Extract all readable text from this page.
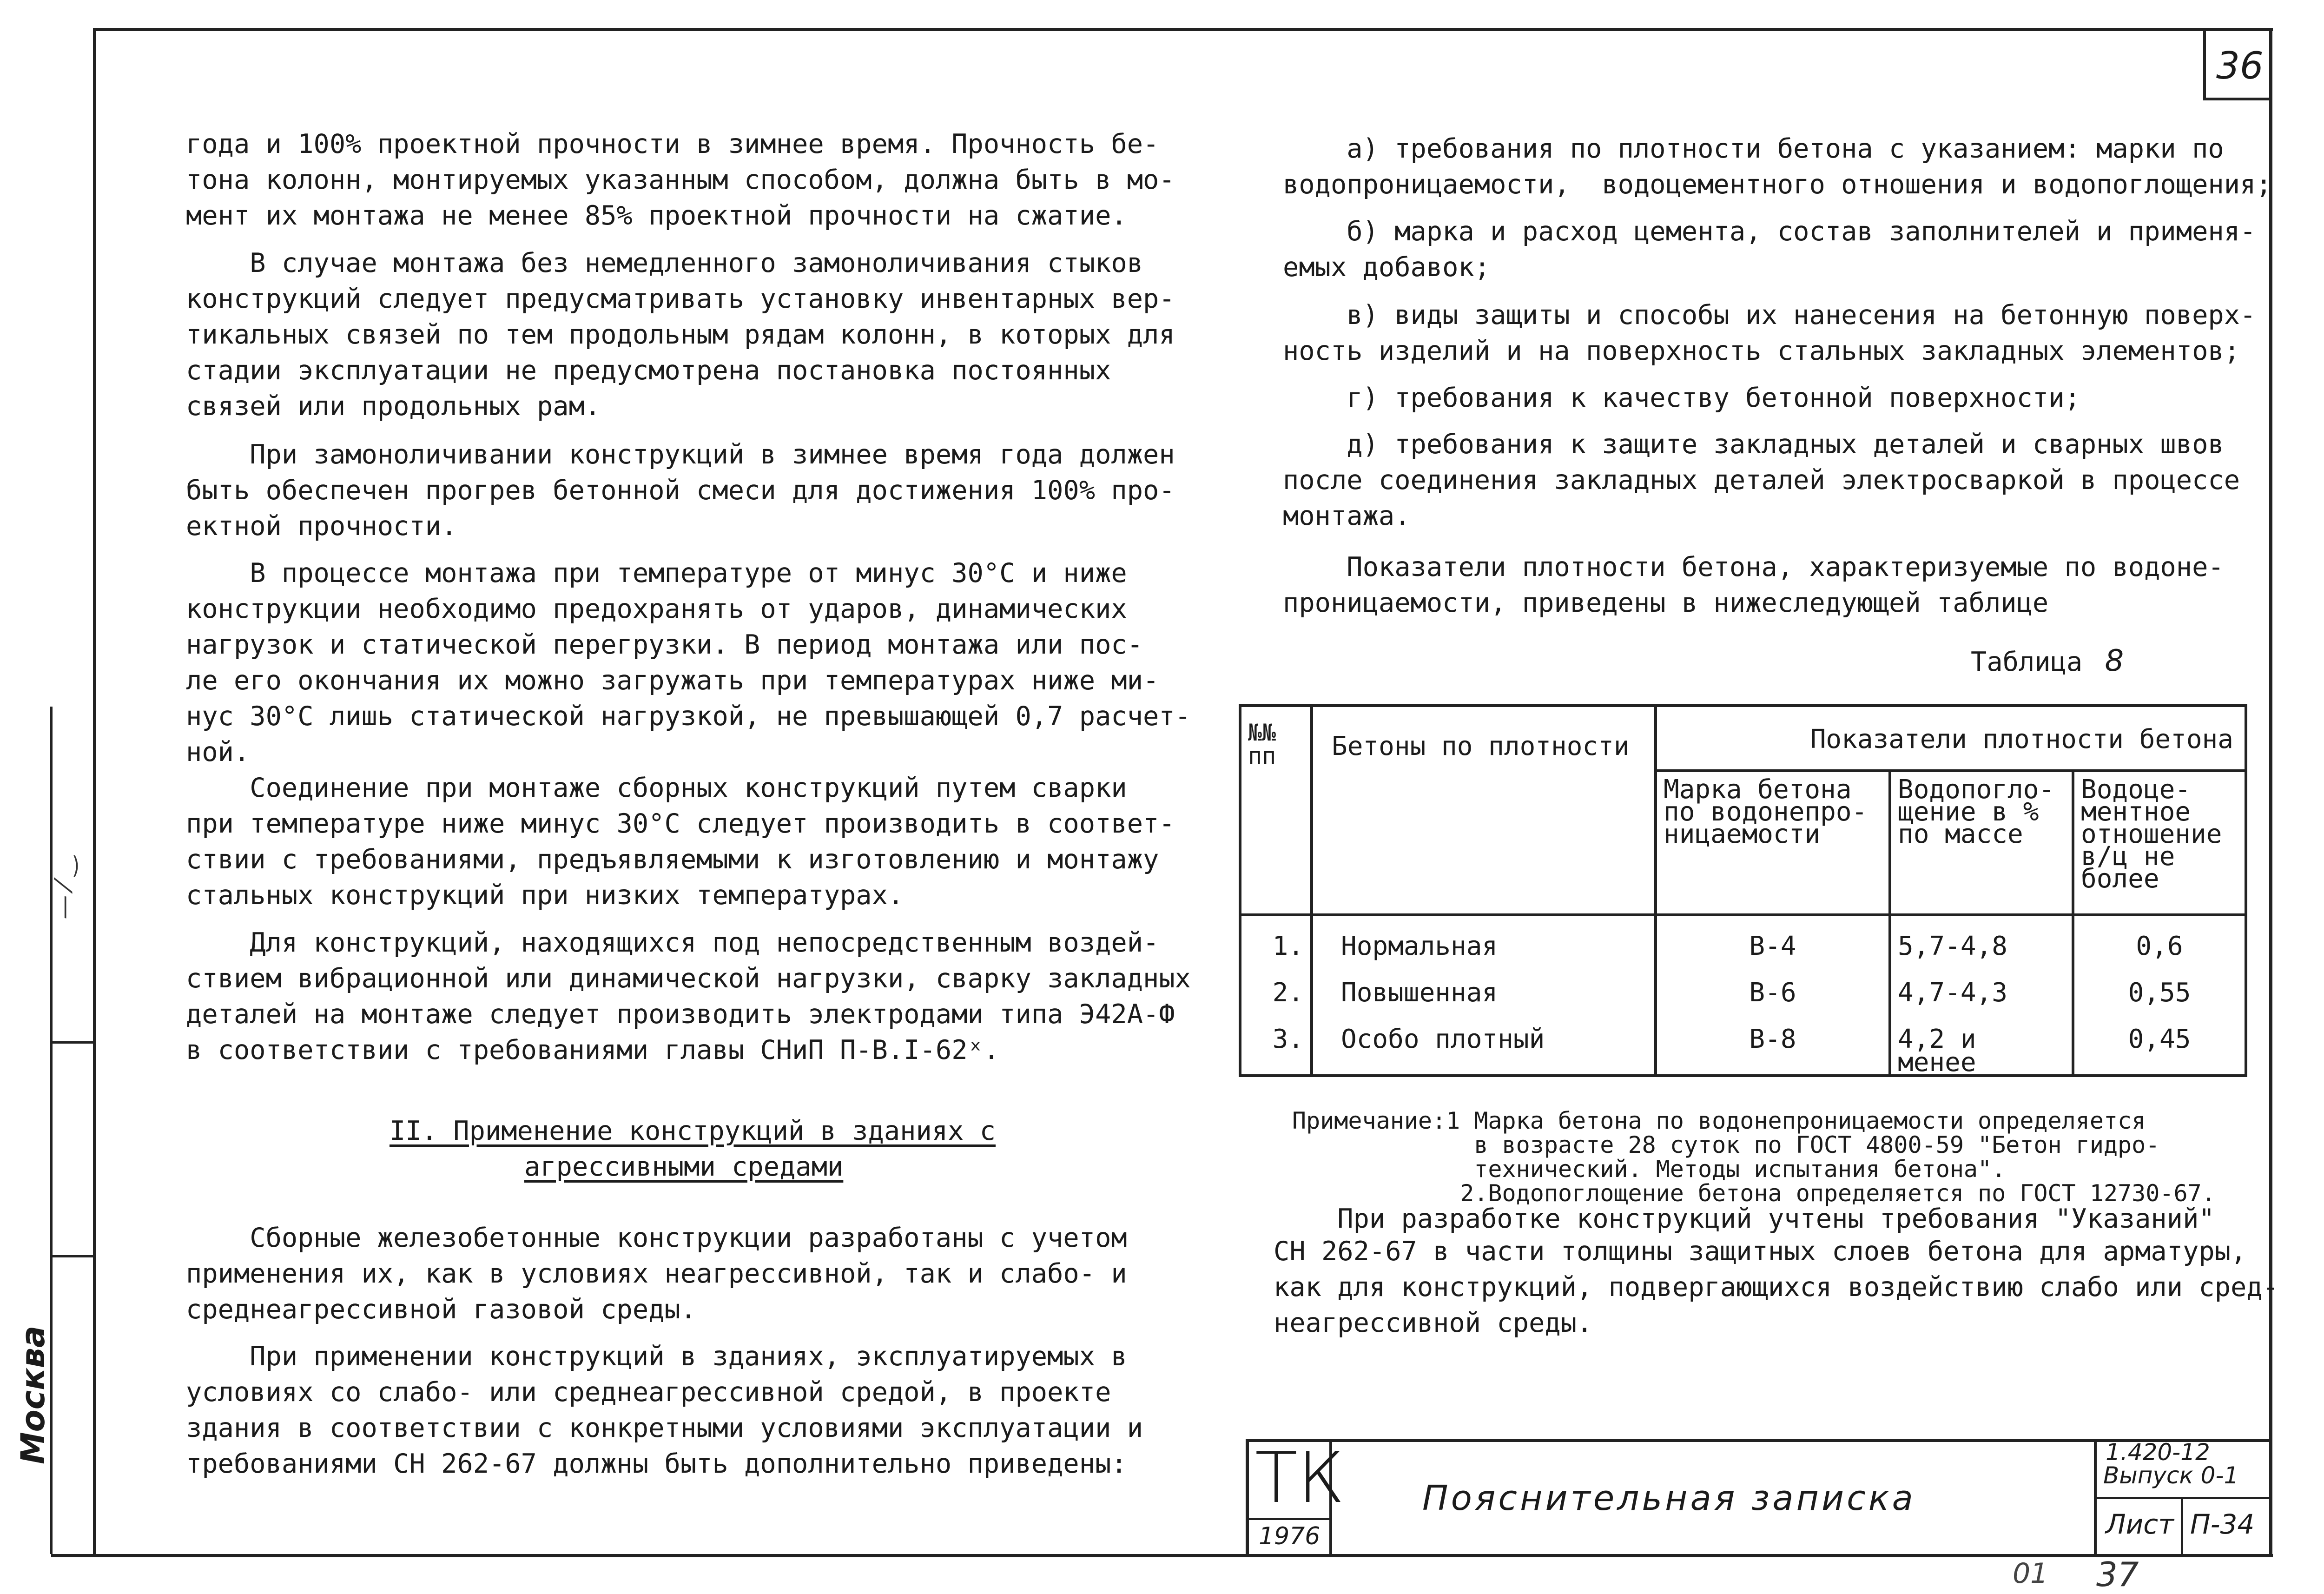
— ⁄ ‿
Москва
36
года и 100% проектной прочности в зимнее время. Прочность бе-
тона колонн, монтируемых указанным способом, должна быть в мо-
мент их монтажа не менее 85% проектной прочности на сжатие.
В случае монтажа без немедленного замоноличивания стыков
конструкций следует предусматривать установку инвентарных вер-
тикальных связей по тем продольным рядам колонн, в которых для
стадии эксплуатации не предусмотрена постановка постоянных
связей или продольных рам.
При замоноличивании конструкций в зимнее время года должен
быть обеспечен прогрев бетонной смеси для достижения 100% про-
ектной прочности.
В процессе монтажа при температуре от минус 30°С и ниже
конструкции необходимо предохранять от ударов, динамических
нагрузок и статической перегрузки. В период монтажа или пос-
ле его окончания их можно загружать при температурах ниже ми-
нус 30°С лишь статической нагрузкой, не превышающей 0,7 расчет-
ной.
Соединение при монтаже сборных конструкций путем сварки
при температуре ниже минус 30°С следует производить в соответ-
ствии с требованиями, предъявляемыми к изготовлению и монтажу
стальных конструкций при низких температурах.
Для конструкций, находящихся под непосредственным воздей-
ствием вибрационной или динамической нагрузки, сварку закладных
деталей на монтаже следует производить электродами типа Э42А-Ф
в соответствии с требованиями главы СНиП П-В.I-62ˣ.
II. Применение конструкций в зданиях с
агрессивными средами
Сборные железобетонные конструкции разработаны с учетом
применения их, как в условиях неагрессивной, так и слабо- и
среднеагрессивной газовой среды.
При применении конструкций в зданиях, эксплуатируемых в
условиях со слабо- или среднеагрессивной средой, в проекте
здания в соответствии с конкретными условиями эксплуатации и
требованиями СН 262-67 должны быть дополнительно приведены:
а) требования по плотности бетона с указанием: марки по
водопроницаемости,  водоцементного отношения и водопоглощения;
б) марка и расход цемента, состав заполнителей и применя-
емых добавок;
в) виды защиты и способы их нанесения на бетонную поверх-
ность изделий и на поверхность стальных закладных элементов;
г) требования к качеству бетонной поверхности;
д) требования к защите закладных деталей и сварных швов
после соединения закладных деталей электросваркой в процессе
монтажа.
Показатели плотности бетона, характеризуемые по водоне-
проницаемости, приведены в нижеследующей таблице
Таблица 8
№№
пп	Бетоны по плотности	Показатели плотности бетона		
		Марка бетона
по водонепро-
ницаемости	Водопогло-
щение в %
по массе	Водоце-
ментное
отношение
в/ц не
более
1.	Нормальная	В-4	5,7-4,8	0,6
2.	Повышенная	В-6	4,7-4,3	0,55
3.	Особо плотный	В-8	4,2 и менее	0,45
Примечание:1 Марка бетона по водонепроницаемости определяется
в возрасте 28 суток по ГОСТ 4800-59 "Бетон гидро-
технический. Методы испытания бетона".
2.Водопоглощение бетона определяется по ГОСТ 12730-67.
При разработке конструкций учтены требования "Указаний"
СН 262-67 в части толщины защитных слоев бетона для арматуры,
как для конструкций, подвергающихся воздействию слабо или сред-
неагрессивной среды.
ТК
1976
Пояснительная записка
1.420-12
Выпуск 0-1
Лист П-34
01 37
